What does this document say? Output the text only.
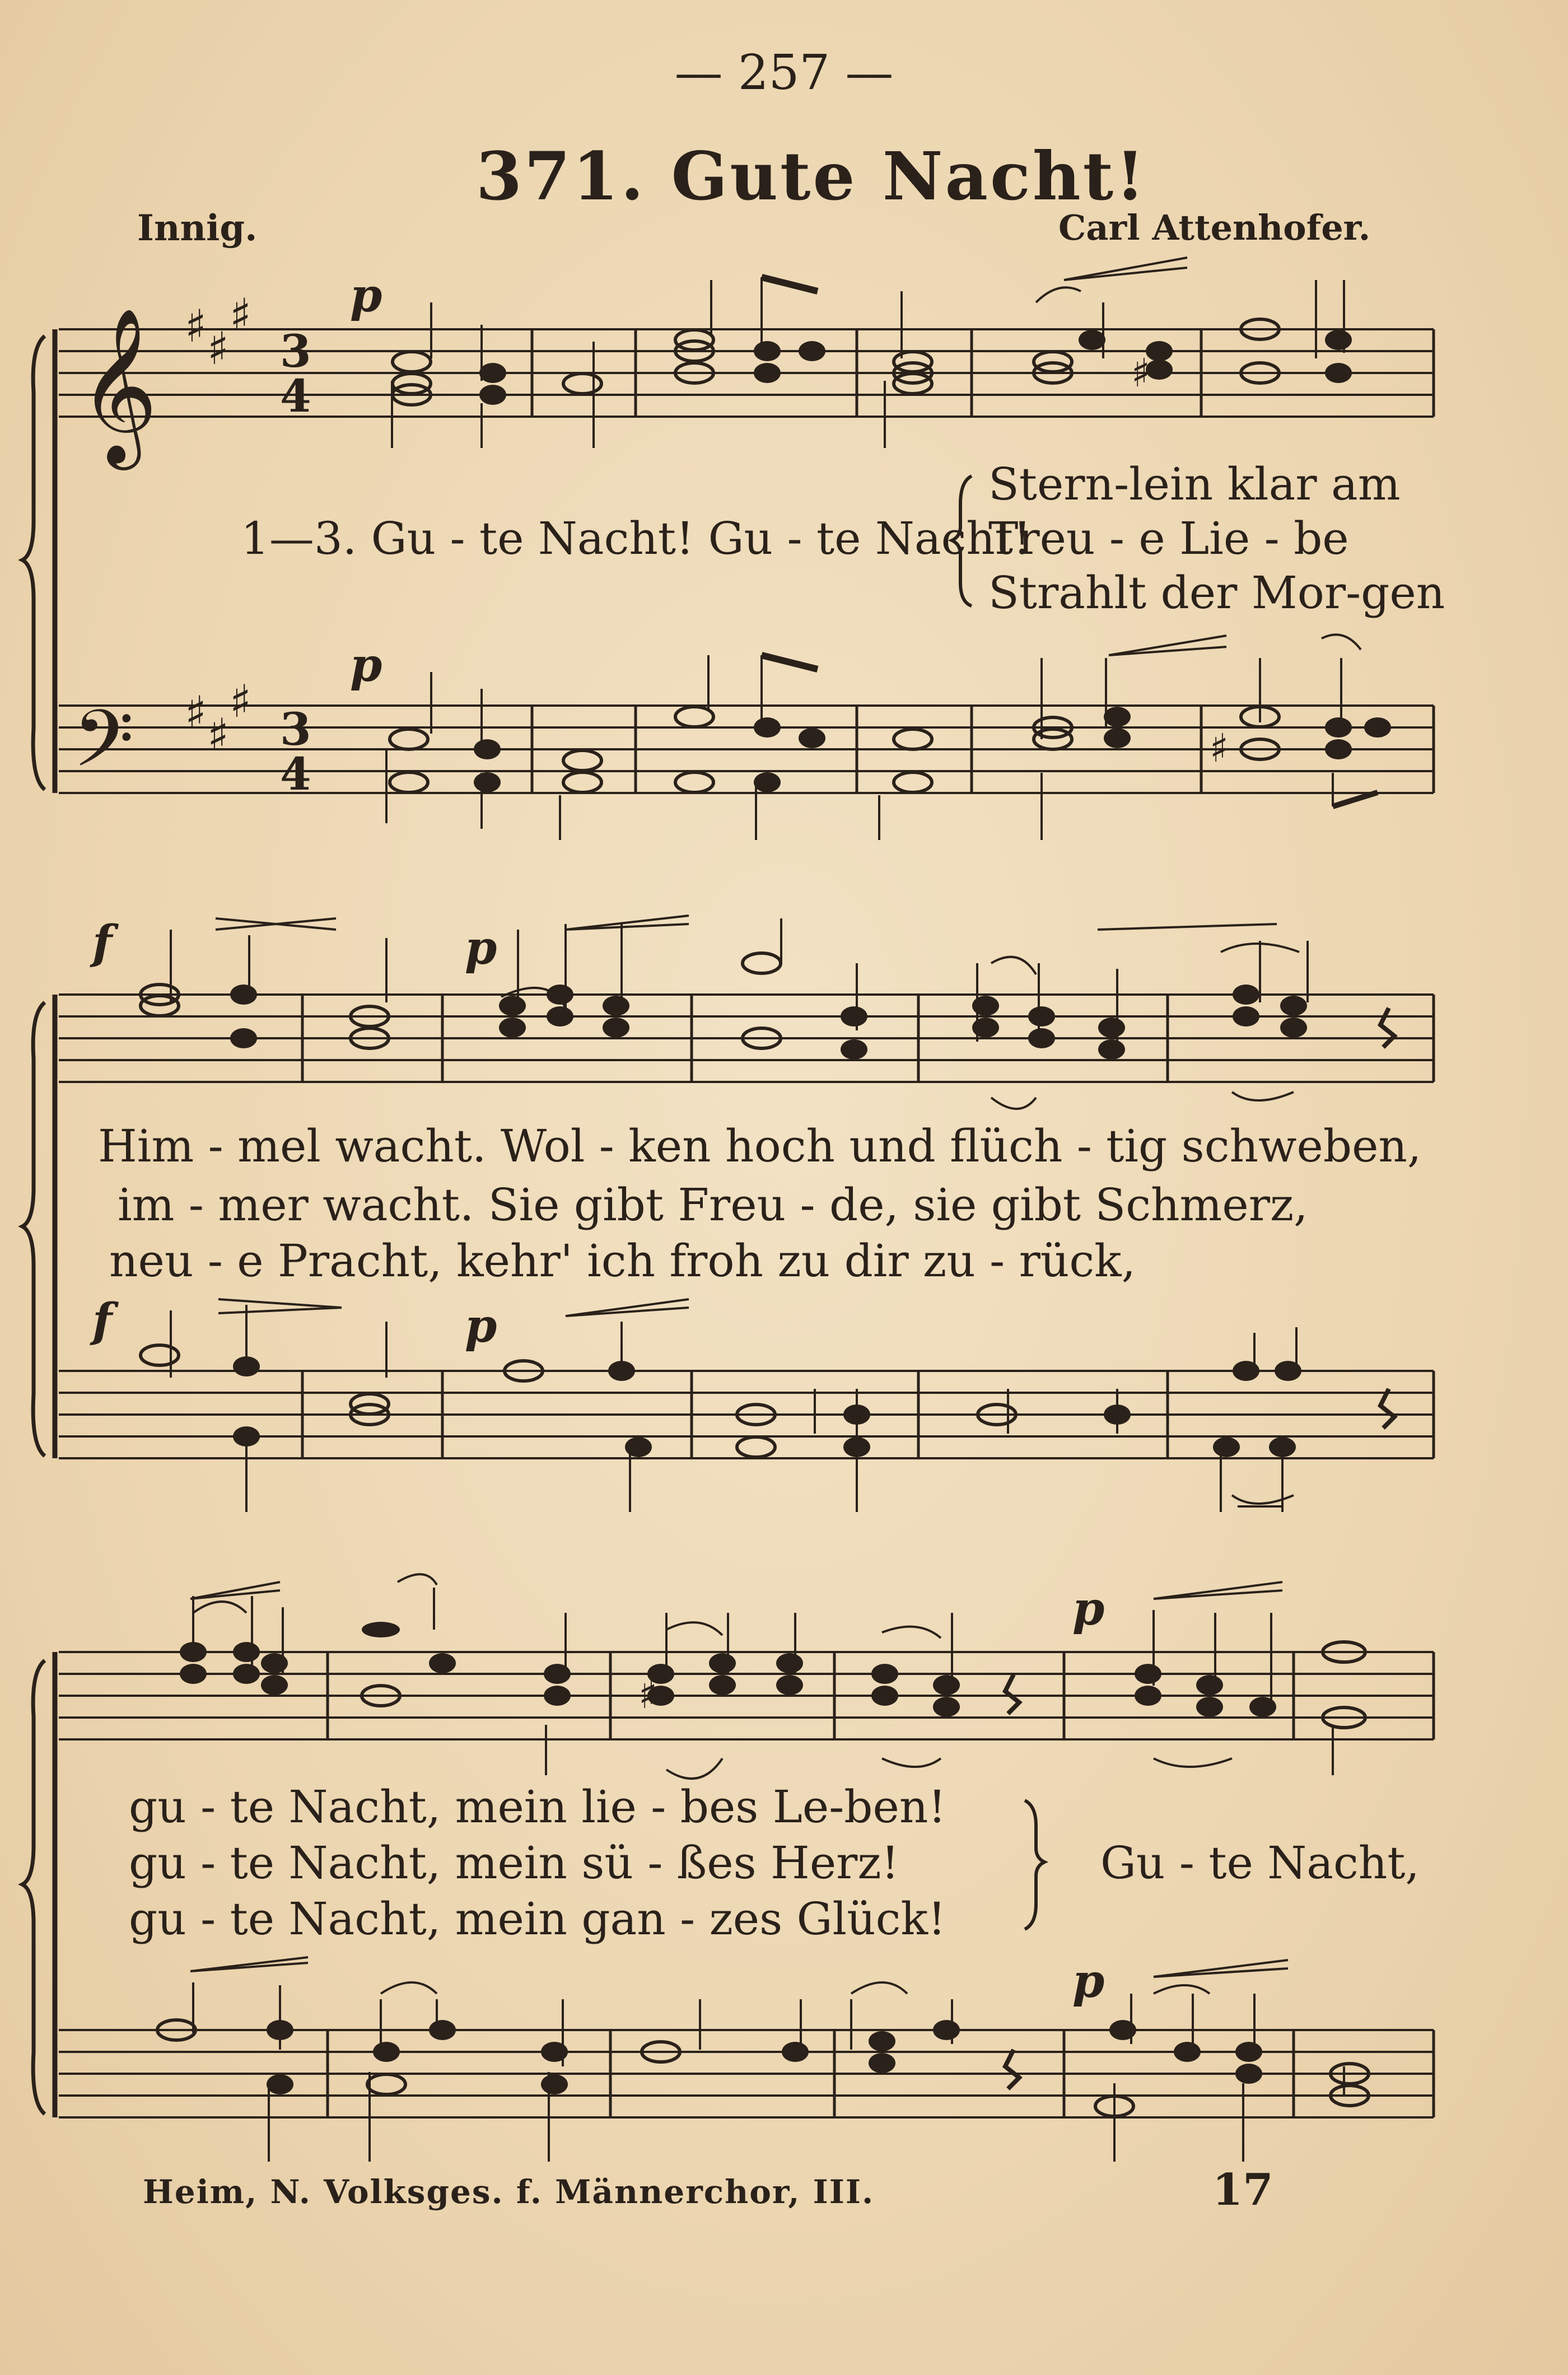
— 257 —
371. Gute Nacht!
Innig.	Carl Attenhofer.
𝄞
𝄢
♯ ♯
♯
♯ ♯
♯
3
4
3
4
♯
♯
♯
p
p
f	p
f	p
p
p
1—3. Gu - te Nacht! Gu - te Nacht!
Stern-lein klar am
Treu - e Lie - be
Strahlt der Mor-gen
Him - mel wacht. Wol - ken hoch und flüch - tig schweben,
im - mer wacht. Sie gibt Freu - de, sie gibt Schmerz,
neu - e Pracht, kehr' ich froh zu dir zu - rück,
gu - te Nacht, mein lie - bes Le-ben!
gu - te Nacht, mein sü - ßes Herz!
gu - te Nacht, mein gan - zes Glück!
Gu - te Nacht,
Heim, N. Volksges. f. Männerchor, III.	17
